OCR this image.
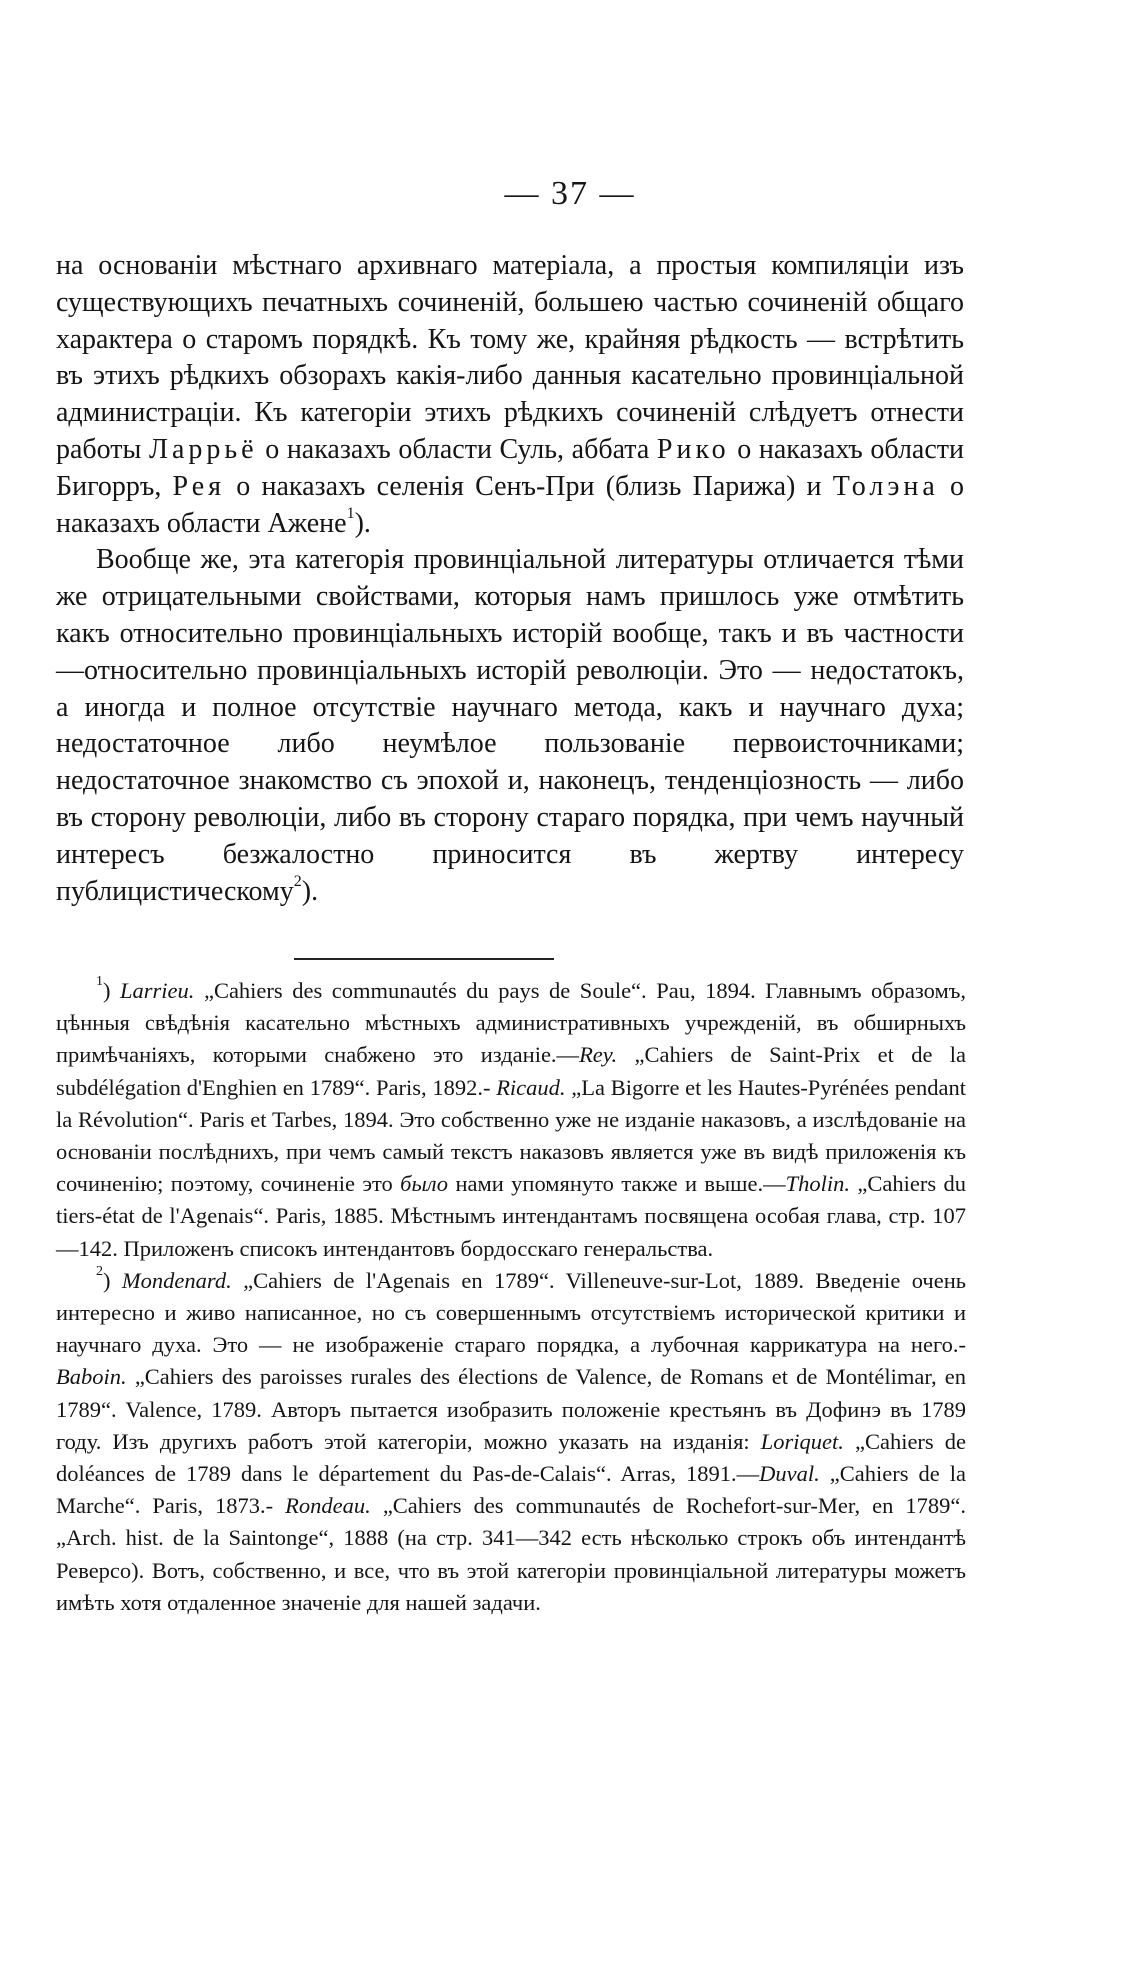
— 37 —

на основаніи мѣстнаго архивнаго матеріала, а простыя компиляціи изъ существующихъ печатныхъ сочиненій, большею частью сочиненій общаго характера о старомъ порядкѣ. Къ тому же, крайняя рѣдкость — встрѣтить въ этихъ рѣдкихъ обзорахъ какія-либо данныя касательно провинціальной администраціи. Къ категоріи этихъ рѣдкихъ сочиненій слѣдуетъ отнести работы Ларрьё о наказахъ области Суль, аббата Рико о наказахъ области Бигорръ, Рея о наказахъ селенія Сенъ-При (близь Парижа) и Толэна о наказахъ области Ажене$^1$).

Вообще же, эта категорія провинціальной литературы отличается тѣми же отрицательными свойствами, которыя намъ пришлось уже отмѣтить какъ относительно провинціальныхъ исторій вообще, такъ и въ частности—относительно провинціальныхъ исторій революціи. Это — недостатокъ, а иногда и полное отсутствіе научнаго метода, какъ и научнаго духа; недостаточное либо неумѣлое пользованіе первоисточниками; недостаточное знакомство съ эпохой и, наконецъ, тенденціозность — либо въ сторону революціи, либо въ сторону стараго порядка, при чемъ научный интересъ безжалостно приносится въ жертву интересу публицистическому$^2$).

$^1$) Larrieu. „Cahiers des communautés du pays de Soule“. Pau, 1894. Главнымъ образомъ, цѣнныя свѣдѣнія касательно мѣстныхъ административныхъ учрежденій, въ обширныхъ примѣчаніяхъ, которыми снабжено это изданіе.—Rey. „Cahiers de Saint-Prix et de la subdélégation d'Enghien en 1789“. Paris, 1892.- Ricaud. „La Bigorre et les Hautes-Pyrénées pendant la Révolution“. Paris et Tarbes, 1894. Это собственно уже не изданіе наказовъ, а изслѣдованіе на основаніи послѣднихъ, при чемъ самый текстъ наказовъ является уже въ видѣ приложенія къ сочиненію; поэтому, сочиненіе это было нами упомянуто также и выше.—Tholin. „Cahiers du tiers-état de l'Agenais“. Paris, 1885. Мѣстнымъ интендантамъ посвящена особая глава, стр. 107—142. Приложенъ списокъ интендантовъ бордосскаго генеральства.

$^2$) Mondenard. „Cahiers de l'Agenais en 1789“. Villeneuve-sur-Lot, 1889. Введеніе очень интересно и живо написанное, но съ совершеннымъ отсутствіемъ исторической критики и научнаго духа. Это — не изображеніе стараго порядка, а лубочная каррикатура на него.- Baboin. „Cahiers des paroisses rurales des élections de Valence, de Romans et de Montélimar, en 1789“. Valence, 1789. Авторъ пытается изобразить положеніе крестьянъ въ Дофинэ въ 1789 году. Изъ другихъ работъ этой категоріи, можно указать на изданія: Loriquet. „Cahiers de doléances de 1789 dans le département du Pas-de-Calais“. Arras, 1891.—Duval. „Cahiers de la Marche“. Paris, 1873.- Rondeau. „Cahiers des communautés de Rochefort-sur-Mer, en 1789“. „Arch. hist. de la Saintonge“, 1888 (на стр. 341—342 есть нѣсколько строкъ объ интендантѣ Реверсо). Вотъ, собственно, и все, что въ этой категоріи провинціальной литературы можетъ имѣть хотя отдаленное значеніе для нашей задачи.
